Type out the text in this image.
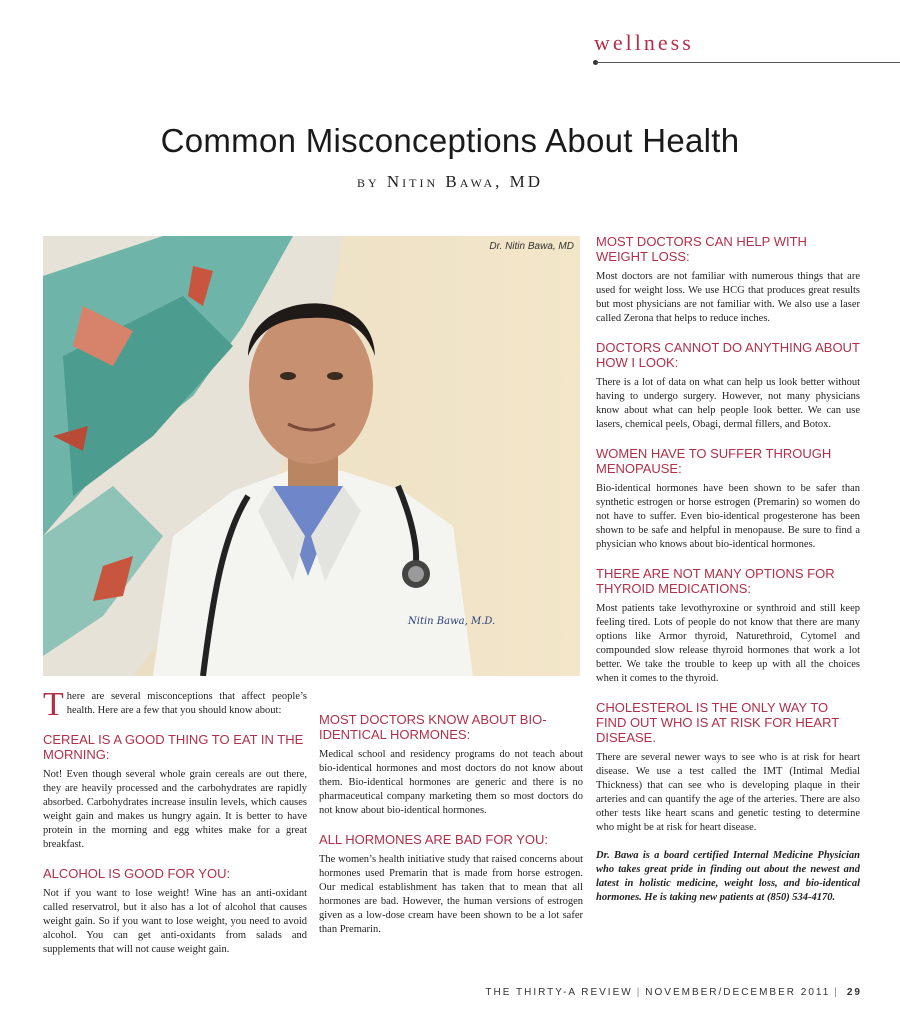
wellness
Common Misconceptions About Health
by Nitin Bawa, MD
Nitin Bawa, M.D.
Dr. Nitin Bawa, MD

There are several misconceptions that affect people’s health. Here are a few that you should know about:

CEREAL IS A GOOD THING TO EAT IN THE MORNING:

Not! Even though several whole grain cereals are out there, they are heavily processed and the carbohydrates are rapidly absorbed. Carbohydrates increase insulin levels, which causes weight gain and makes us hungry again. It is better to have protein in the morning and egg whites make for a great breakfast.

ALCOHOL IS GOOD FOR YOU:

Not if you want to lose weight! Wine has an anti-oxidant called reservatrol, but it also has a lot of alcohol that causes weight gain. So if you want to lose weight, you need to avoid alcohol. You can get anti-oxidants from salads and supplements that will not cause weight gain.

MOST DOCTORS KNOW ABOUT BIO-IDENTICAL HORMONES:

Medical school and residency programs do not teach about bio-identical hormones and most doctors do not know about them. Bio-identical hormones are generic and there is no pharmaceutical company marketing them so most doctors do not know about bio-identical hormones.

ALL HORMONES ARE BAD FOR YOU:

The women’s health initiative study that raised concerns about hormones used Premarin that is made from horse estrogen. Our medical establishment has taken that to mean that all hormones are bad. However, the human versions of estrogen given as a low-dose cream have been shown to be a lot safer than Premarin.

MOST DOCTORS CAN HELP WITH WEIGHT LOSS:

Most doctors are not familiar with numerous things that are used for weight loss. We use HCG that produces great results but most physicians are not familiar with. We also use a laser called Zerona that helps to reduce inches.

DOCTORS CANNOT DO ANYTHING ABOUT HOW I LOOK:

There is a lot of data on what can help us look better without having to undergo surgery. However, not many physicians know about what can help people look better. We can use lasers, chemical peels, Obagi, dermal fillers, and Botox.

WOMEN HAVE TO SUFFER THROUGH MENOPAUSE:

Bio-identical hormones have been shown to be safer than synthetic estrogen or horse estrogen (Premarin) so women do not have to suffer. Even bio-identical progesterone has been shown to be safe and helpful in menopause. Be sure to find a physician who knows about bio-identical hormones.

THERE ARE NOT MANY OPTIONS FOR THYROID MEDICATIONS:

Most patients take levothyroxine or synthroid and still keep feeling tired. Lots of people do not know that there are many options like Armor thyroid, Naturethroid, Cytomel and compounded slow release thyroid hormones that work a lot better. We take the trouble to keep up with all the choices when it comes to the thyroid.

CHOLESTEROL IS THE ONLY WAY TO FIND OUT WHO IS AT RISK FOR HEART DISEASE.

There are several newer ways to see who is at risk for heart disease. We use a test called the IMT (Intimal Medial Thickness) that can see who is developing plaque in their arteries and can quantify the age of the arteries. There are also other tests like heart scans and genetic testing to determine who might be at risk for heart disease.

Dr. Bawa is a board certified Internal Medicine Physician who takes great pride in finding out about the newest and latest in holistic medicine, weight loss, and bio-identical hormones. He is taking new patients at (850) 534-4170.

THE THIRTY-A REVIEW | NOVEMBER/DECEMBER 2011 | 29
